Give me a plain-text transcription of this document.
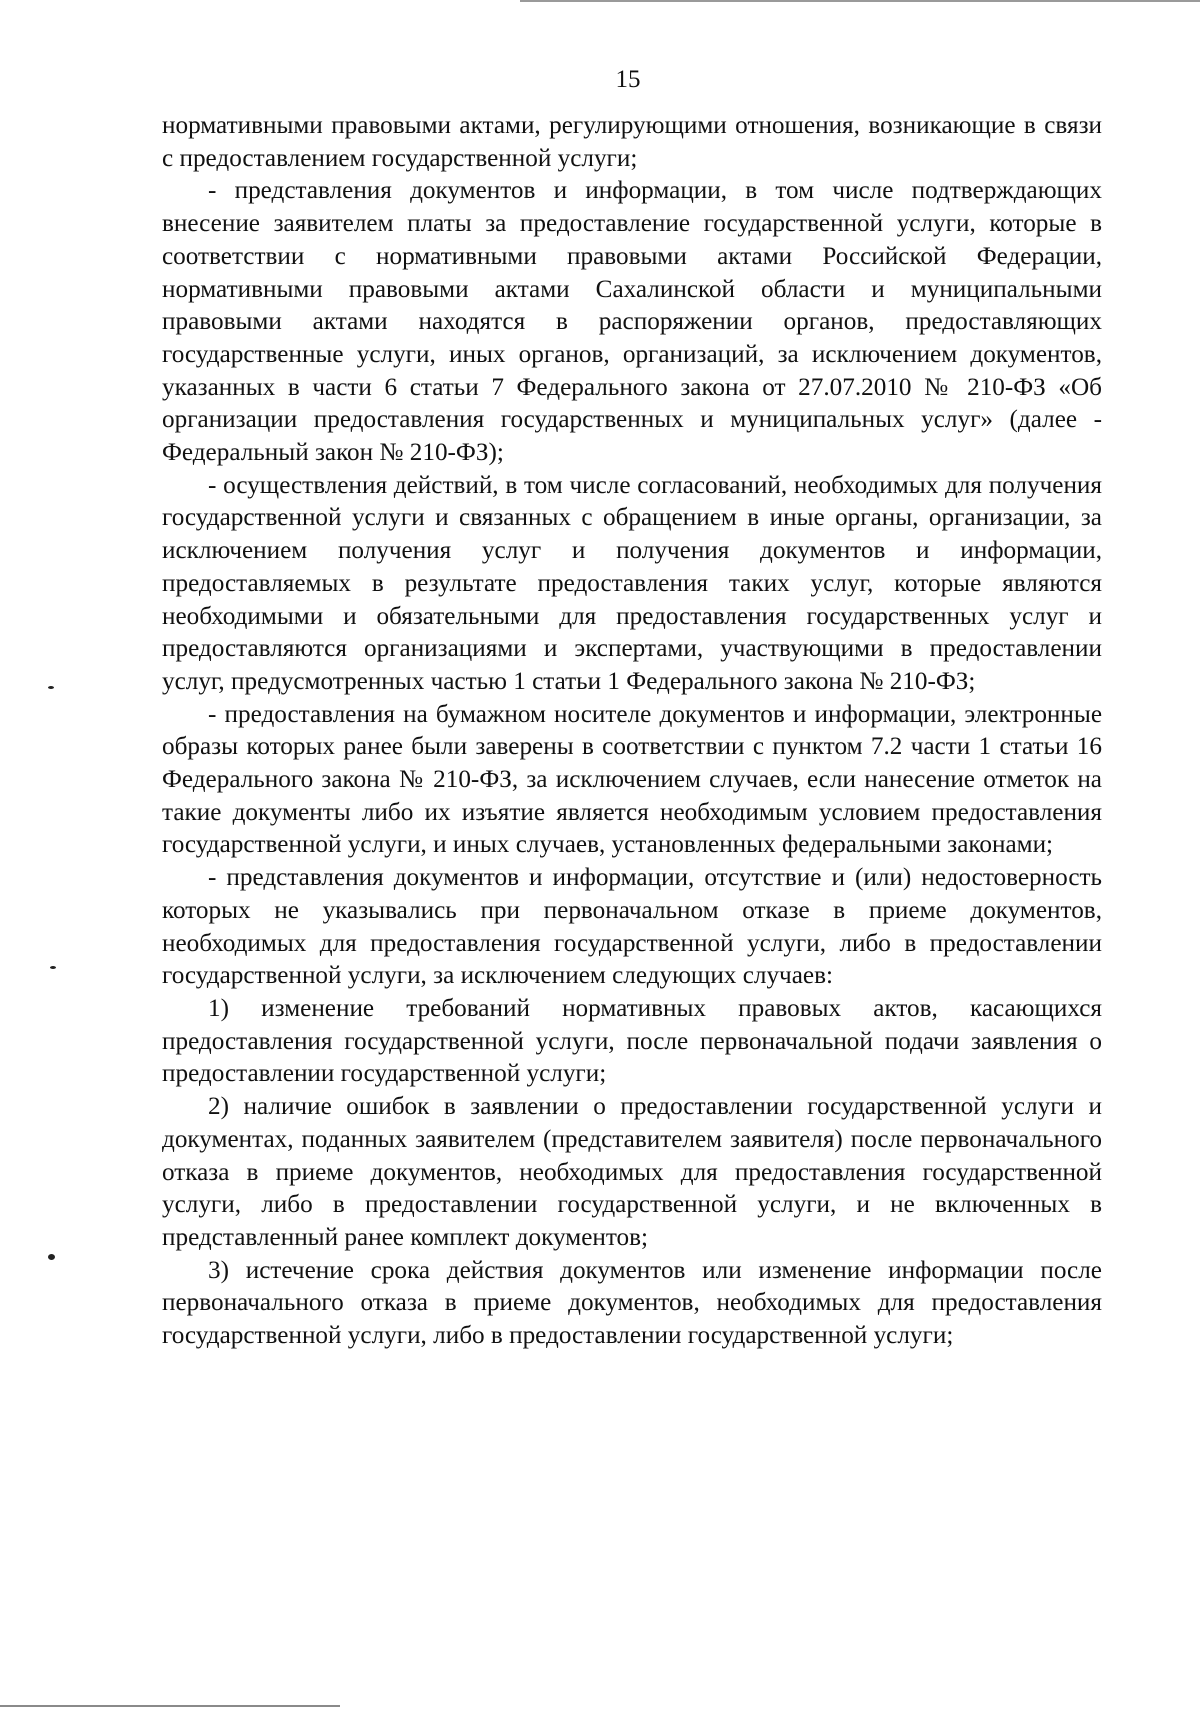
15

нормативными правовыми актами, регулирующими отношения, возникающие в связи с предоставлением государственной услуги;

- представления документов и информации, в том числе подтверждающих внесение заявителем платы за предоставление государственной услуги, которые в соответствии с нормативными правовыми актами Российской Федерации, нормативными правовыми актами Сахалинской области и муниципальными правовыми актами находятся в распоряжении органов, предоставляющих государственные услуги, иных органов, организаций, за исключением документов, указанных в части 6 статьи 7 Федерального закона от 27.07.2010 № 210-ФЗ «Об организации предоставления государственных и муниципальных услуг» (далее - Федеральный закон № 210-ФЗ);

- осуществления действий, в том числе согласований, необходимых для получения государственной услуги и связанных с обращением в иные органы, организации, за исключением получения услуг и получения документов и информации, предоставляемых в результате предоставления таких услуг, которые являются необходимыми и обязательными для предоставления государственных услуг и предоставляются организациями и экспертами, участвующими в предоставлении услуг, предусмотренных частью 1 статьи 1 Федерального закона № 210-ФЗ;

- предоставления на бумажном носителе документов и информации, электронные образы которых ранее были заверены в соответствии с пунктом 7.2 части 1 статьи 16 Федерального закона № 210-ФЗ, за исключением случаев, если нанесение отметок на такие документы либо их изъятие является необходимым условием предоставления государственной услуги, и иных случаев, установленных федеральными законами;

- представления документов и информации, отсутствие и (или) недостоверность которых не указывались при первоначальном отказе в приеме документов, необходимых для предоставления государственной услуги, либо в предоставлении государственной услуги, за исключением следующих случаев:

1) изменение требований нормативных правовых актов, касающихся предоставления государственной услуги, после первоначальной подачи заявления о предоставлении государственной услуги;

2) наличие ошибок в заявлении о предоставлении государственной услуги и документах, поданных заявителем (представителем заявителя) после первоначального отказа в приеме документов, необходимых для предоставления государственной услуги, либо в предоставлении государственной услуги, и не включенных в представленный ранее комплект документов;

3) истечение срока действия документов или изменение информации после первоначального отказа в приеме документов, необходимых для предоставления государственной услуги, либо в предоставлении государственной услуги;
